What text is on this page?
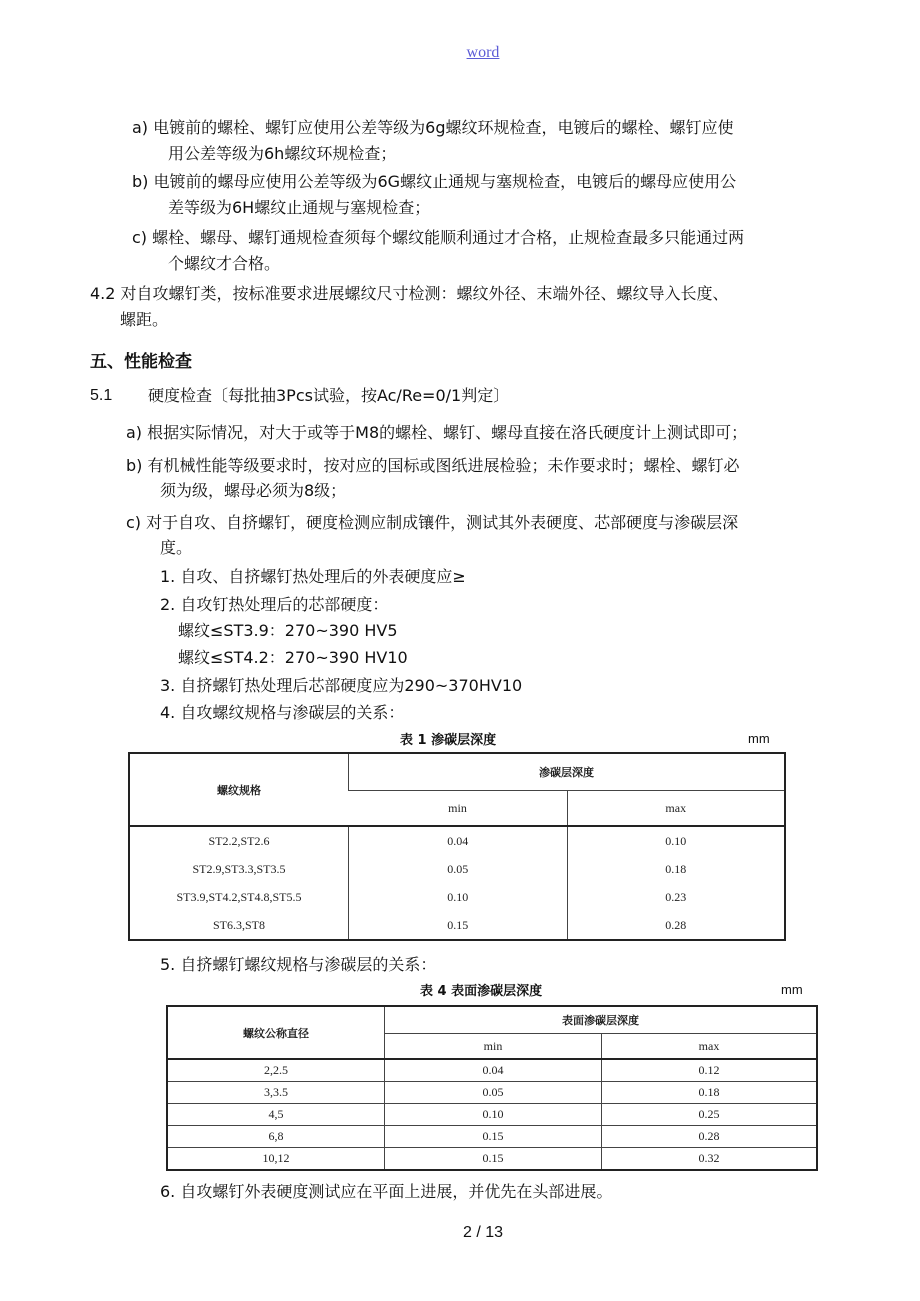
word
a) 电镀前的螺栓、螺钉应使用公差等级为6g螺纹环规检查，电镀后的螺栓、螺钉应使
用公差等级为6h螺纹环规检查；
b) 电镀前的螺母应使用公差等级为6G螺纹止通规与塞规检查，电镀后的螺母应使用公
差等级为6H螺纹止通规与塞规检查；
c) 螺栓、螺母、螺钉通规检查须每个螺纹能顺利通过才合格，止规检查最多只能通过两
个螺纹才合格。
4.2 对自攻螺钉类，按标准要求进展螺纹尺寸检测：螺纹外径、末端外径、螺纹导入长度、
螺距。
五、性能检查
5.1 硬度检查〔每批抽3Pcs试验，按Ac/Re=0/1判定〕
a) 根据实际情况，对大于或等于M8的螺栓、螺钉、螺母直接在洛氏硬度计上测试即可；
b) 有机械性能等级要求时，按对应的国标或图纸进展检验；未作要求时；螺栓、螺钉必
须为级，螺母必须为8级；
c) 对于自攻、自挤螺钉，硬度检测应制成镶件，测试其外表硬度、芯部硬度与渗碳层深
度。
1. 自攻、自挤螺钉热处理后的外表硬度应≥
2. 自攻钉热处理后的芯部硬度：
螺纹≤ST3.9：270~390 HV5
螺纹≤ST4.2：270~390 HV10
3. 自挤螺钉热处理后芯部硬度应为290~370HV10
4. 自攻螺纹规格与渗碳层的关系：
表 1 渗碳层深度	mm
螺纹规格	渗碳层深度	
	min	max
ST2.2,ST2.6	0.04	0.10
ST2.9,ST3.3,ST3.5	0.05	0.18
ST3.9,ST4.2,ST4.8,ST5.5	0.10	0.23
ST6.3,ST8	0.15	0.28
5. 自挤螺钉螺纹规格与渗碳层的关系：
表 4 表面渗碳层深度	mm
螺纹公称直径	表面渗碳层深度	
	min	max
2,2.5	0.04	0.12
3,3.5	0.05	0.18
4,5	0.10	0.25
6,8	0.15	0.28
10,12	0.15	0.32
6. 自攻螺钉外表硬度测试应在平面上进展，并优先在头部进展。
2 / 13
